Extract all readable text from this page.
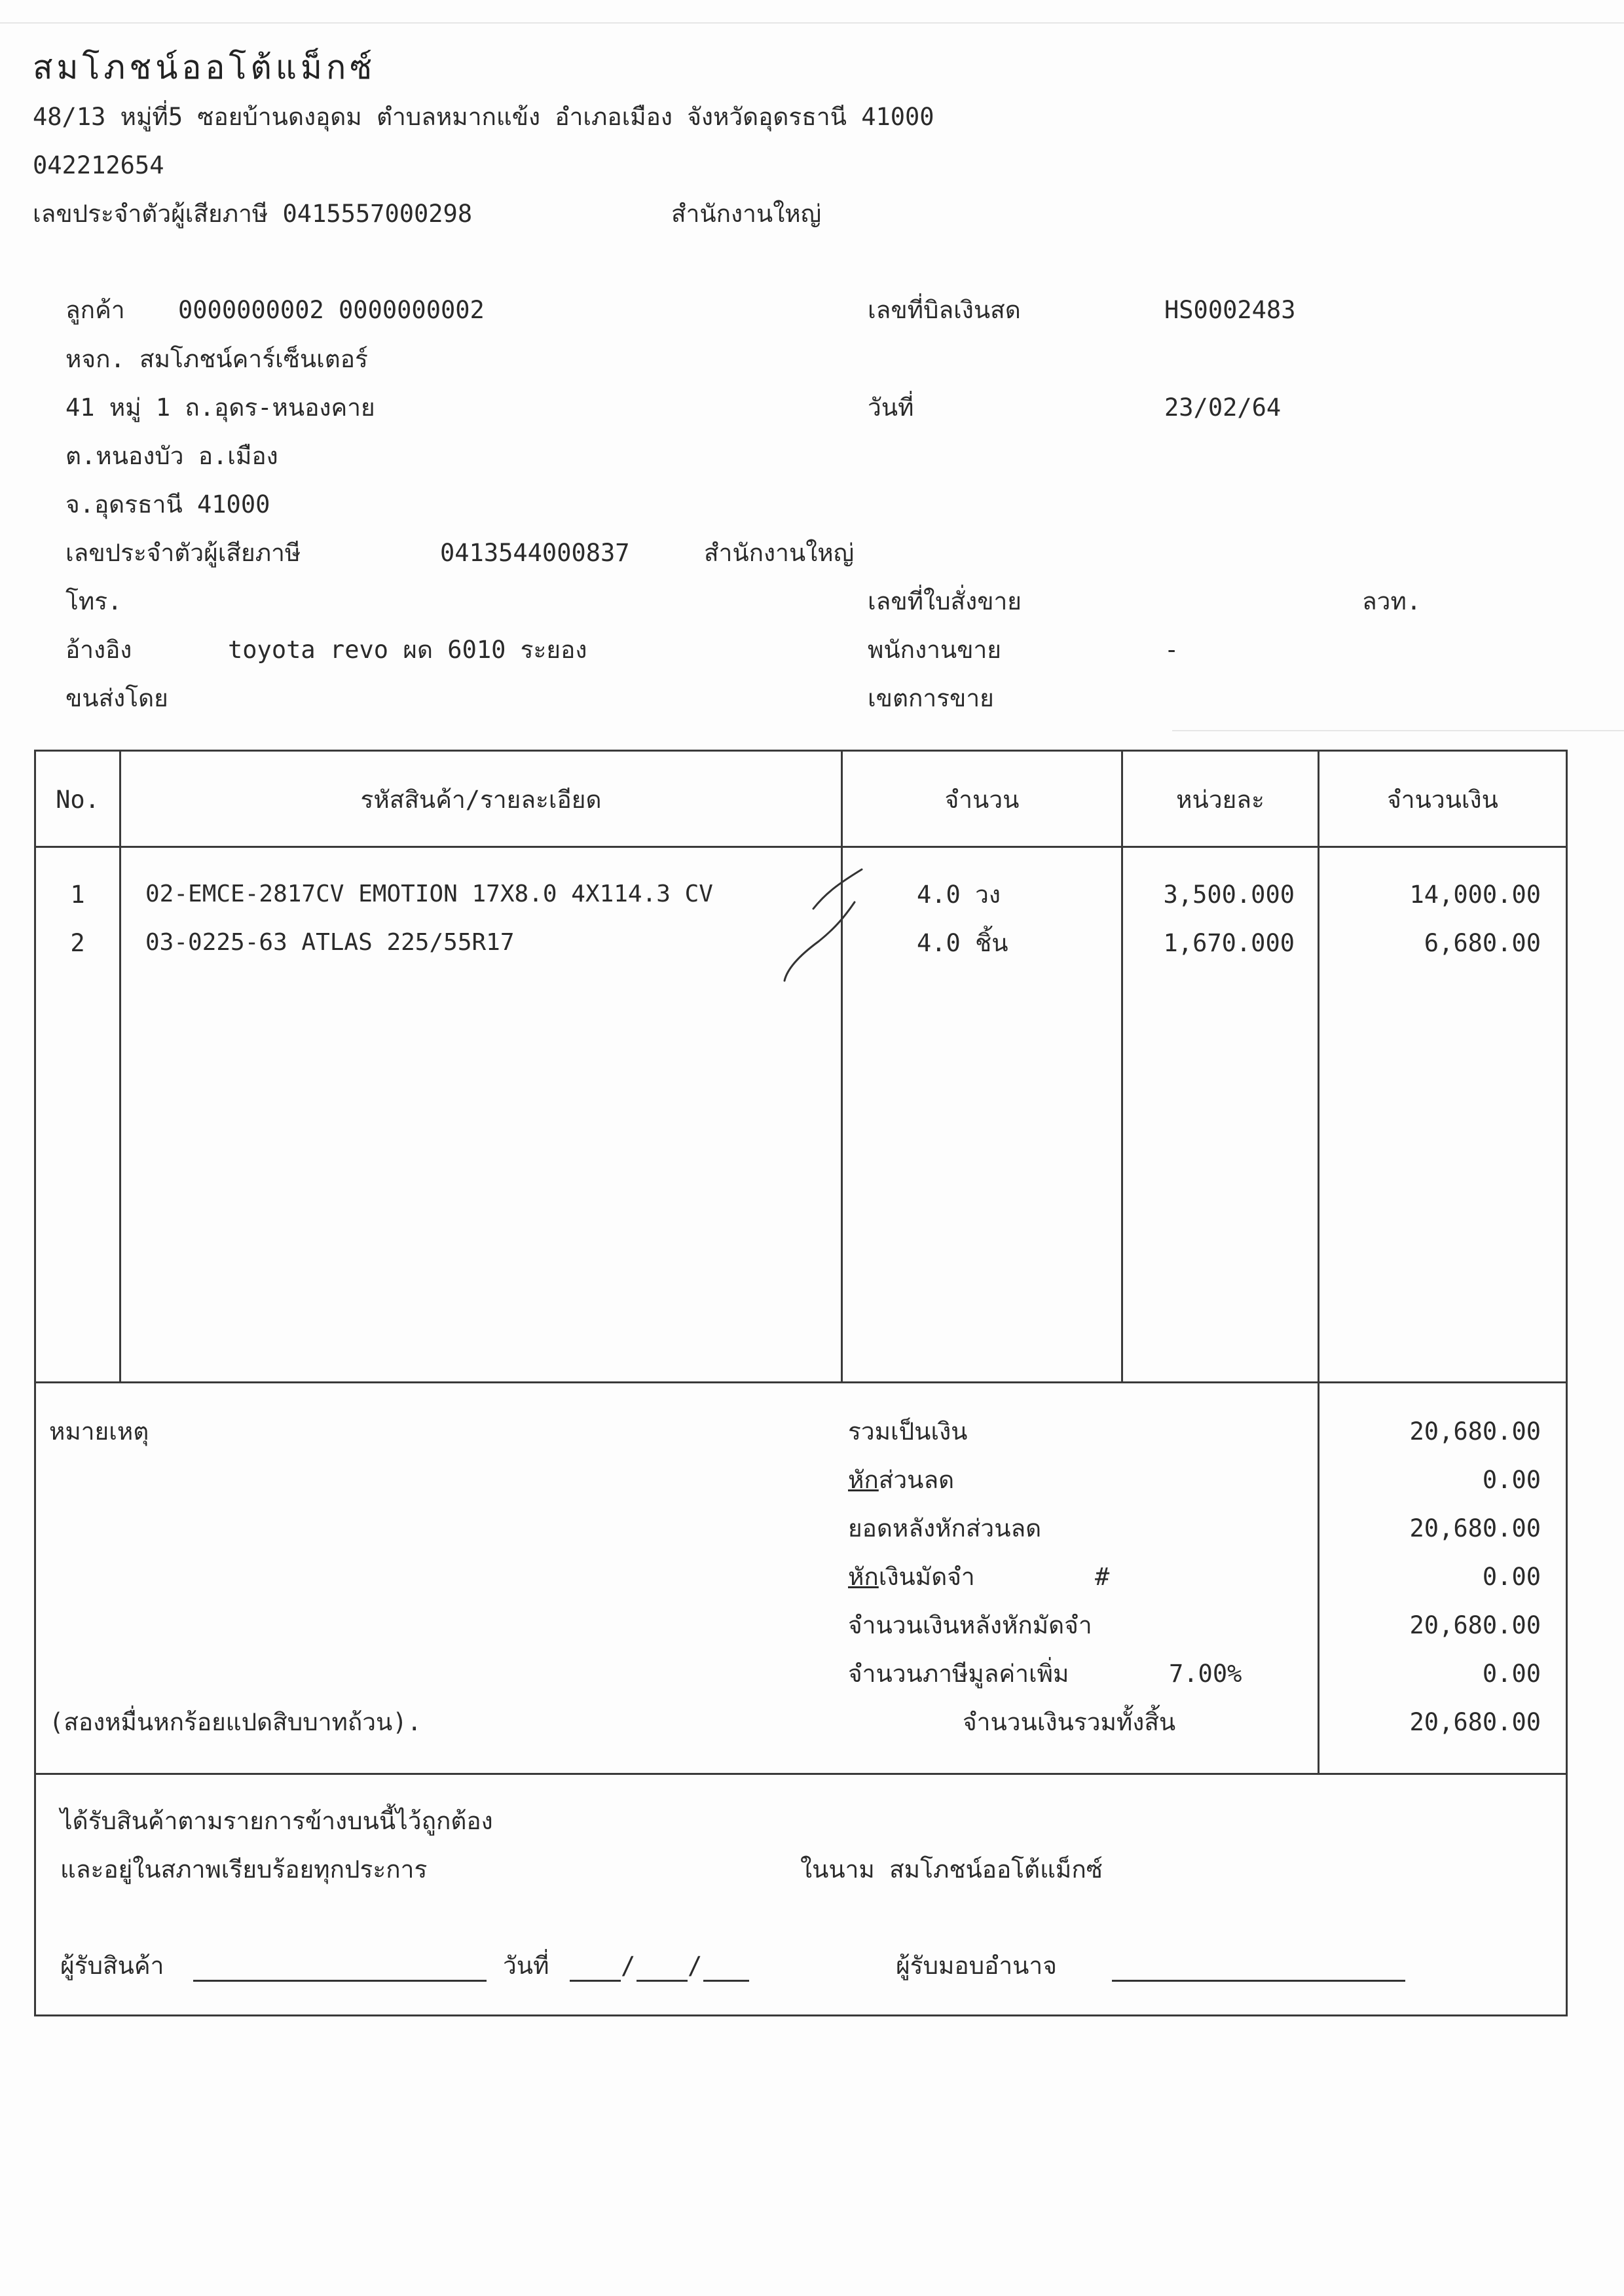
สมโภชน์ออโต้แม็กซ์
48/13 หมู่ที่5 ซอยบ้านดงอุดม ตำบลหมากแข้ง อำเภอเมือง จังหวัดอุดรธานี 41000
042212654
เลขประจำตัวผู้เสียภาษี 0415557000298	สำนักงานใหญ่
ลูกค้า 0000000002 0000000002
หจก. สมโภชน์คาร์เซ็นเตอร์
41 หมู่ 1 ถ.อุดร-หนองคาย
ต.หนองบัว อ.เมือง
จ.อุดรธานี 41000
เลขประจำตัวผู้เสียภาษี	0413544000837	สำนักงานใหญ่
โทร.
อ้างอิง	toyota revo ผด 6010 ระยอง
ขนส่งโดย
เลขที่บิลเงินสด	HS0002483
วันที่	23/02/64
เลขที่ใบสั่งขาย	ลวท.
พนักงานขาย	-
เขตการขาย
No.	รหัสสินค้า/รายละเอียด	จำนวน	หน่วยละ	จำนวนเงิน
1	02-EMCE-2817CV EMOTION 17X8.0 4X114.3 CV	4.0 วง	3,500.000	14,000.00
2	03-0225-63 ATLAS 225/55R17	4.0 ชิ้น	1,670.000	6,680.00
หมายเหตุ
(สองหมื่นหกร้อยแปดสิบบาทถ้วน).
รวมเป็นเงิน	20,680.00
หักส่วนลด	0.00
ยอดหลังหักส่วนลด	20,680.00
หักเงินมัดจำ	#	0.00
จำนวนเงินหลังหักมัดจำ	20,680.00
จำนวนภาษีมูลค่าเพิ่ม	7.00%	0.00
จำนวนเงินรวมทั้งสิ้น	20,680.00
ได้รับสินค้าตามรายการข้างบนนี้ไว้ถูกต้อง
และอยู่ในสภาพเรียบร้อยทุกประการ	ในนาม สมโภชน์ออโต้แม็กซ์
ผู้รับสินค้า	วันที่	/ /	ผู้รับมอบอำนาจ
